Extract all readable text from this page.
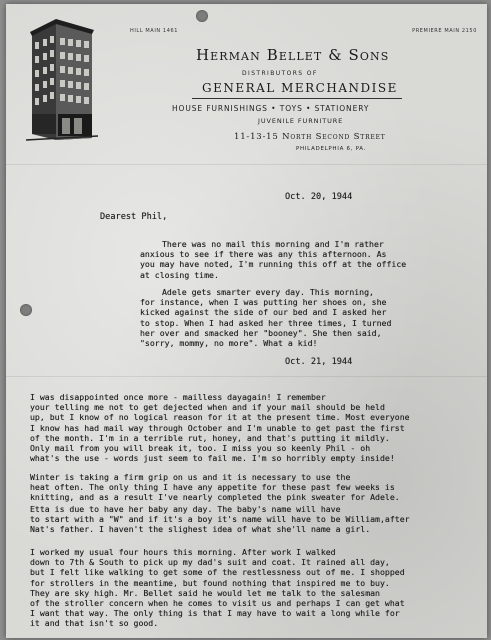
HILL MAIN 1461	PREMIERE MAIN 2150
Herman Bellet & Sons
DISTRIBUTORS OF
GENERAL MERCHANDISE
HOUSE FURNISHINGS • TOYS • STATIONERY
JUVENILE FURNITURE
11-13-15 North Second Street
PHILADELPHIA 6, PA.
Oct. 20, 1944
Dearest Phil,
There was no mail this morning and I'm rather
anxious to see if there was any this afternoon. As
you may have noted, I'm running this off at the office
at closing time.
Adele gets smarter every day. This morning,
for instance, when I was putting her shoes on, she
kicked against the side of our bed and I asked her
to stop. When I had asked her three times, I turned
her over and smacked her "booney". She then said,
"sorry, mommy, no more". What a kid!
Oct. 21, 1944
I was disappointed once more - mailless dayagain! I remember
your telling me not to get dejected when and if your mail should be held
up, but I know of no logical reason for it at the present time. Most everyone
I know has had mail way through October and I'm unable to get past the first
of the month. I'm in a terrible rut, honey, and that's putting it mildly.
Only mail from you will break it, too. I miss you so keenly Phil - oh
what's the use - words just seem to fail me. I'm so horribly empty inside!
Winter is taking a firm grip on us and it is necessary to use the
heat often. The only thing I have any appetite for these past few weeks is
knitting, and as a result I've nearly completed the pink sweater for Adele.
Etta is due to have her baby any day. The baby's name will have
to start with a "W" and if it's a boy it's name will have to be William,after
Nat's father. I haven't the slighest idea of what she'll name a girl.
I worked my usual four hours this morning. After work I walked
down to 7th & South to pick up my dad's suit and coat. It rained all day,
but I felt like walking to get some of the restlessness out of me. I shopped
for strollers in the meantime, but found nothing that inspired me to buy.
They are sky high. Mr. Bellet said he would let me talk to the salesman
of the stroller concern when he comes to visit us and perhaps I can get what
I want that way. The only thing is that I may have to wait a long while for
it and that isn't so good.
